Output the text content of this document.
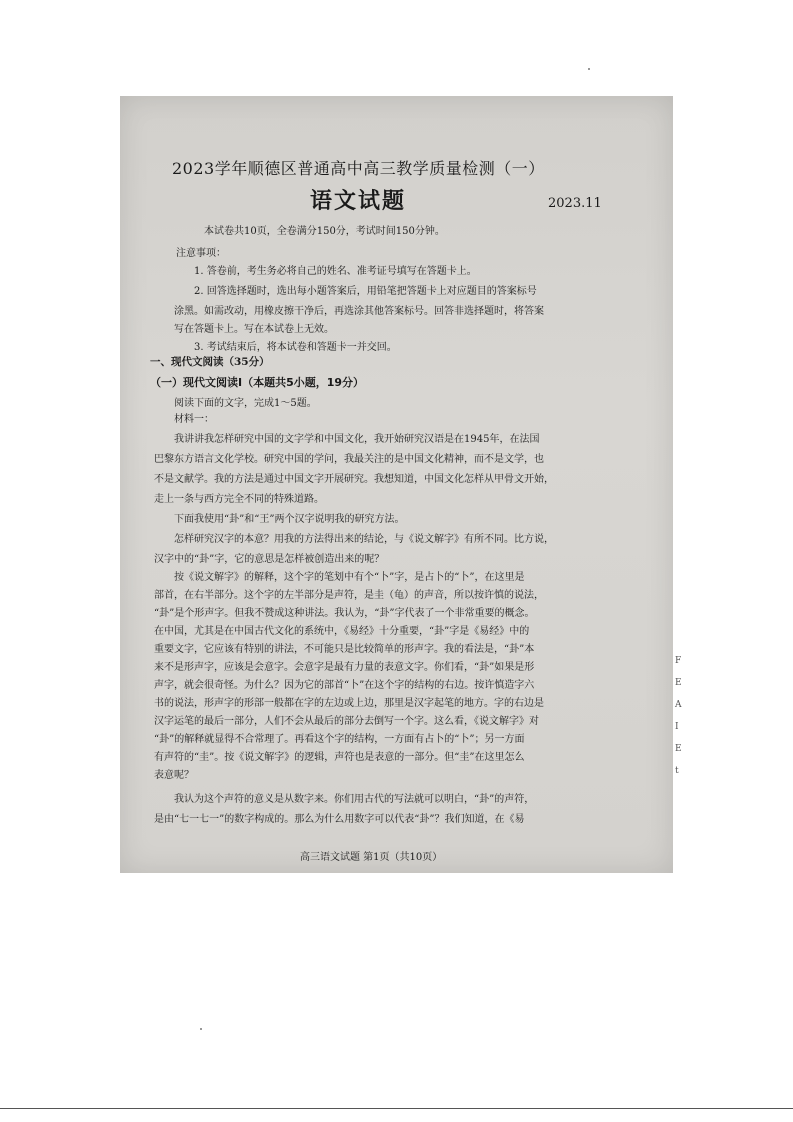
2023学年顺德区普通高中高三教学质量检测（一）
语文试题	2023.11
本试卷共10页，全卷满分150分，考试时间150分钟。
注意事项：
1. 答卷前，考生务必将自己的姓名、准考证号填写在答题卡上。
2. 回答选择题时，选出每小题答案后，用铅笔把答题卡上对应题目的答案标号
涂黑。如需改动，用橡皮擦干净后，再选涂其他答案标号。回答非选择题时，将答案
写在答题卡上。写在本试卷上无效。
3. 考试结束后，将本试卷和答题卡一并交回。
一、现代文阅读（35分）
（一）现代文阅读Ⅰ（本题共5小题，19分）
阅读下面的文字，完成1～5题。
材料一：
我讲讲我怎样研究中国的文字学和中国文化，我开始研究汉语是在1945年，在法国
巴黎东方语言文化学校。研究中国的学问，我最关注的是中国文化精神，而不是文学，也
不是文献学。我的方法是通过中国文字开展研究。我想知道，中国文化怎样从甲骨文开始，
走上一条与西方完全不同的特殊道路。
下面我使用“卦”和“王”两个汉字说明我的研究方法。
怎样研究汉字的本意？用我的方法得出来的结论，与《说文解字》有所不同。比方说，
汉字中的“卦”字，它的意思是怎样被创造出来的呢？
按《说文解字》的解释，这个字的笔划中有个“卜”字，是占卜的“卜”，在这里是
部首，在右半部分。这个字的左半部分是声符，是圭（龟）的声音，所以按许慎的说法，
“卦”是个形声字。但我不赞成这种讲法。我认为，“卦”字代表了一个非常重要的概念。
在中国，尤其是在中国古代文化的系统中，《易经》十分重要，“卦”字是《易经》中的
重要文字，它应该有特别的讲法，不可能只是比较简单的形声字。我的看法是，“卦”本
来不是形声字，应该是会意字。会意字是最有力量的表意文字。你们看，“卦”如果是形
声字，就会很奇怪。为什么？因为它的部首“卜”在这个字的结构的右边。按许慎造字六
书的说法，形声字的形部一般都在字的左边或上边，那里是汉字起笔的地方。字的右边是
汉字运笔的最后一部分，人们不会从最后的部分去倒写一个字。这么看，《说文解字》对
“卦”的解释就显得不合常理了。再看这个字的结构，一方面有占卜的“卜”；另一方面
有声符的“圭”。按《说文解字》的逻辑，声符也是表意的一部分。但“圭”在这里怎么
表意呢？
我认为这个声符的意义是从数字来。你们用古代的写法就可以明白，“卦”的声符，
是由“七一七一”的数字构成的。那么为什么用数字可以代表“卦”？我们知道，在《易
高三语文试题 第1页（共10页）
F
E
A
I
E
t
